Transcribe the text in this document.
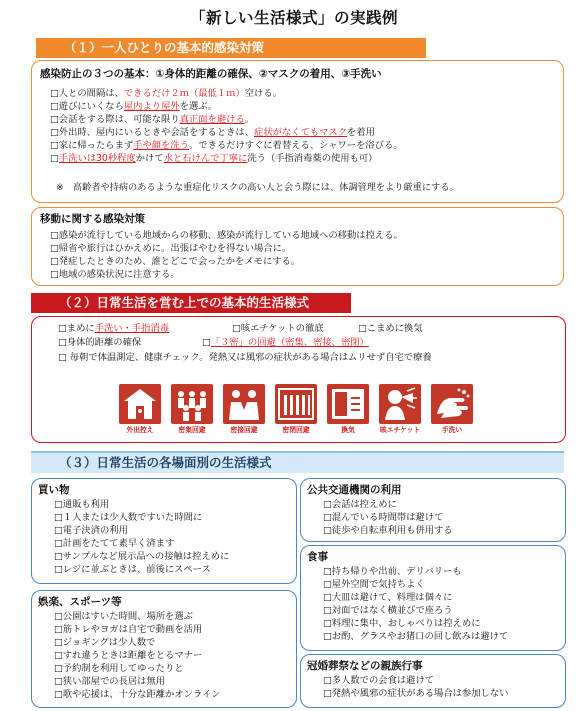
「新しい生活様式」の実践例
（１）一人ひとりの基本的感染対策
感染防止の３つの基本：①身体的距離の確保、②マスクの着用、③手洗い
□人との間隔は、できるだけ２ｍ（最低１ｍ）空ける。
□遊びにいくなら屋内より屋外を選ぶ。
□会話をする際は、可能な限り真正面を避ける。
□外出時、屋内にいるときや会話をするときは、症状がなくてもマスクを着用
□家に帰ったらまず手や顔を洗う。できるだけすぐに着替える、シャワーを浴びる。
□手洗いは30秒程度かけて水と石けんで丁寧に洗う（手指消毒薬の使用も可）
※　高齢者や持病のあるような重症化リスクの高い人と会う際には、体調管理をより厳重にする。
移動に関する感染対策
□感染が流行している地域からの移動、感染が流行している地域への移動は控える。
□帰省や旅行はひかえめに。出張はやむを得ない場合に。
□発症したときのため、誰とどこで会ったかをメモにする。
□地域の感染状況に注意する。
（２）日常生活を営む上での基本的生活様式
□まめに手洗い・手指消毒	□咳エチケットの徹底	□こまめに換気
□身体的距離の確保	□「３密」の回避（密集、密接、密閉）
□ 毎朝で体温測定、健康チェック。発熱又は風邪の症状がある場合はムリせず自宅で療養
外出控え	密集回避	密接回避	密閉回避	換気	咳エチケット	手洗い
（３）日常生活の各場面別の生活様式
買い物
□通販も利用
□１人または少人数ですいた時間に
□電子決済の利用
□計画をたてて素早く済ます
□サンプルなど展示品への接触は控えめに
□レジに並ぶときは、前後にスペース
娯楽、スポーツ等
□公園はすいた時間、場所を選ぶ
□筋トレやヨガは自宅で動画を活用
□ジョギングは少人数で
□すれ違うときは距離をとるマナー
□予約制を利用してゆったりと
□狭い部屋での長居は無用
□歌や応援は、十分な距離かオンライン
公共交通機関の利用
□会話は控えめに
□混んでいる時間帯は避けて
□徒歩や自転車利用も併用する
食事
□持ち帰りや出前、デリバリーも
□屋外空間で気持ちよく
□大皿は避けて、料理は個々に
□対面ではなく横並びで座ろう
□料理に集中、おしゃべりは控えめに
□お酌、グラスやお猪口の回し飲みは避けて
冠婚葬祭などの親族行事
□多人数での会食は避けて
□発熱や風邪の症状がある場合は参加しない
